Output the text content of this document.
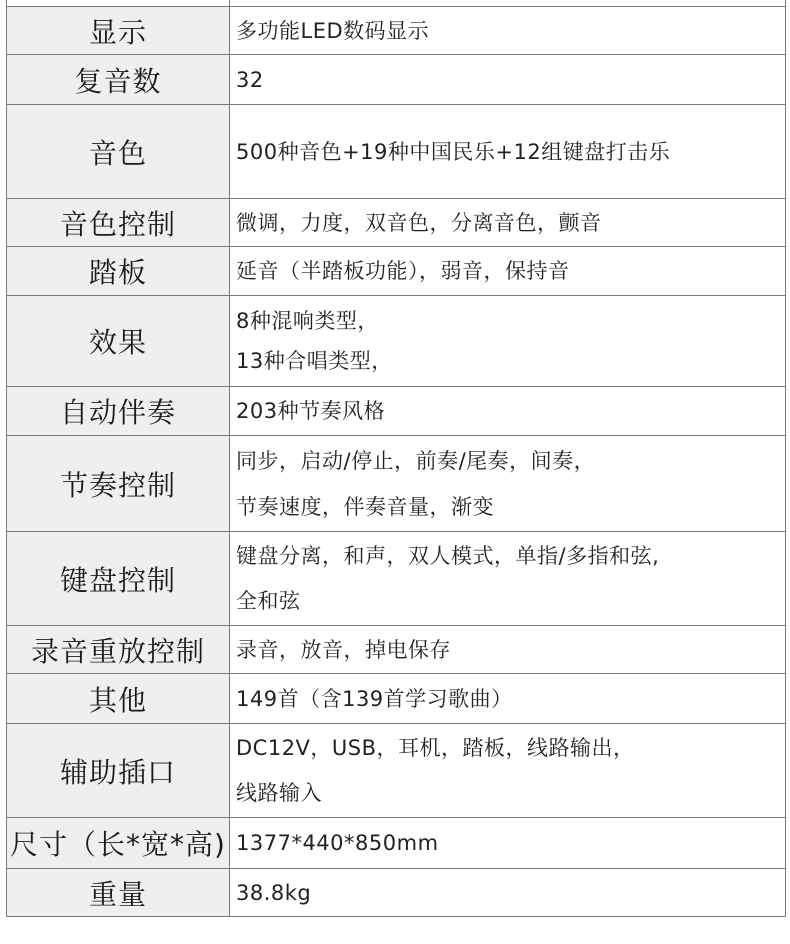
显示	多功能LED数码显示

复音数	32

音色	500种音色+19种中国民乐+12组键盘打击乐

音色控制	微调，力度，双音色，分离音色，颤音

踏板	延音（半踏板功能），弱音，保持音

效果	8种混响类型，
13种合唱类型，

自动伴奏	203种节奏风格

节奏控制	同步，启动/停止，前奏/尾奏，间奏，
节奏速度，伴奏音量，渐变

键盘控制	键盘分离，和声，双人模式，单指/多指和弦,
全和弦

录音重放控制	录音，放音，掉电保存

其他	149首（含139首学习歌曲）

辅助插口	DC12V，USB，耳机，踏板，线路输出，
线路输入

尺寸（长*宽*高)	1377*440*850mm

重量	38.8kg
